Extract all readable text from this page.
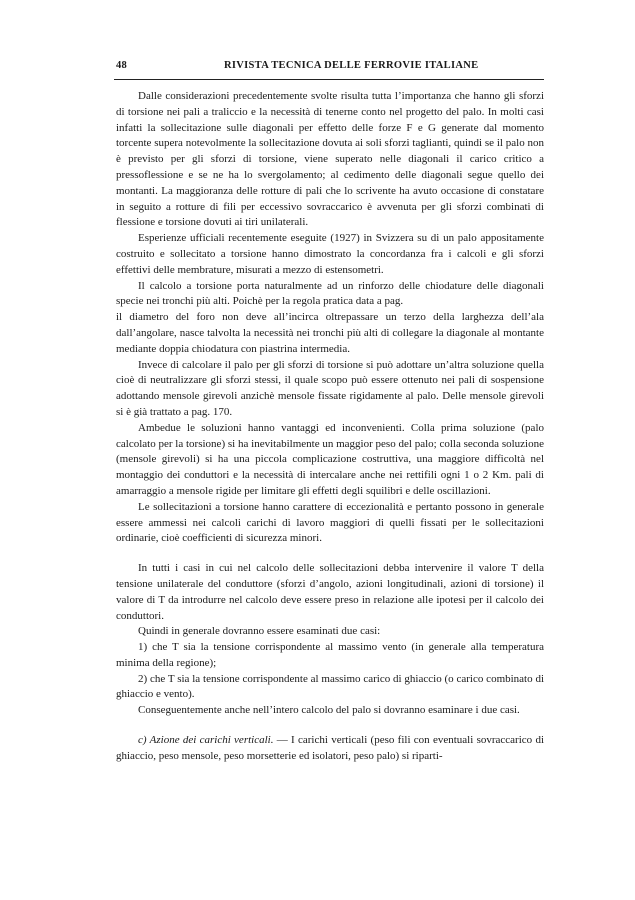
48	RIVISTA TECNICA DELLE FERROVIE ITALIANE

Dalle considerazioni precedentemente svolte risulta tutta l’importanza che hanno gli sforzi di torsione nei pali a traliccio e la necessità di tenerne conto nel progetto del palo. In molti casi infatti la sollecitazione sulle diagonali per effetto delle forze F e G generate dal momento torcente supera notevolmente la sollecitazione dovuta ai soli sforzi taglianti, quindi se il palo non è previsto per gli sforzi di torsione, viene superato nelle diagonali il carico critico a pressoflessione e se ne ha lo svergolamento; al cedimento delle diagonali segue quello dei montanti. La maggioranza delle rotture di pali che lo scrivente ha avuto occasione di constatare in seguito a rotture di fili per eccessivo sovraccarico è avvenuta per gli sforzi combinati di flessione e torsione dovuti ai tiri unilaterali.

Esperienze ufficiali recentemente eseguite (1927) in Svizzera su di un palo appositamente costruito e sollecitato a torsione hanno dimostrato la concordanza fra i calcoli e gli sforzi effettivi delle membrature, misurati a mezzo di estensometri.

Il calcolo a torsione porta naturalmente ad un rinforzo delle chiodature delle diagonali specie nei tronchi più alti. Poichè per la regola pratica data a pag.

il diametro del foro non deve all’incirca oltrepassare un terzo della larghezza dell’ala dall’angolare, nasce talvolta la necessità nei tronchi più alti di collegare la diagonale al montante mediante doppia chiodatura con piastrina intermedia.

Invece di calcolare il palo per gli sforzi di torsione si può adottare un’altra soluzione quella cioè di neutralizzare gli sforzi stessi, il quale scopo può essere ottenuto nei pali di sospensione adottando mensole girevoli anzichè mensole fissate rigidamente al palo. Delle mensole girevoli si è già trattato a pag. 170.

Ambedue le soluzioni hanno vantaggi ed inconvenienti. Colla prima soluzione (palo calcolato per la torsione) si ha inevitabilmente un maggior peso del palo; colla seconda soluzione (mensole girevoli) si ha una piccola complicazione costruttiva, una maggiore difficoltà nel montaggio dei conduttori e la necessità di intercalare anche nei rettifili ogni 1 o 2 Km. pali di amarraggio a mensole rigide per limitare gli effetti degli squilibri e delle oscillazioni.

Le sollecitazioni a torsione hanno carattere di eccezionalità e pertanto possono in generale essere ammessi nei calcoli carichi di lavoro maggiori di quelli fissati per le sollecitazioni ordinarie, cioè coefficienti di sicurezza minori.

In tutti i casi in cui nel calcolo delle sollecitazioni debba intervenire il valore T della tensione unilaterale del conduttore (sforzi d’angolo, azioni longitudinali, azioni di torsione) il valore di T da introdurre nel calcolo deve essere preso in relazione alle ipotesi per il calcolo dei conduttori.

Quindi in generale dovranno essere esaminati due casi:

1) che T sia la tensione corrispondente al massimo vento (in generale alla temperatura minima della regione);

2) che T sia la tensione corrispondente al massimo carico di ghiaccio (o carico combinato di ghiaccio e vento).

Conseguentemente anche nell’intero calcolo del palo si dovranno esaminare i due casi.

c) Azione dei carichi verticali. — I carichi verticali (peso fili con eventuali sovraccarico di ghiaccio, peso mensole, peso morsetterie ed isolatori, peso palo) si riparti-
